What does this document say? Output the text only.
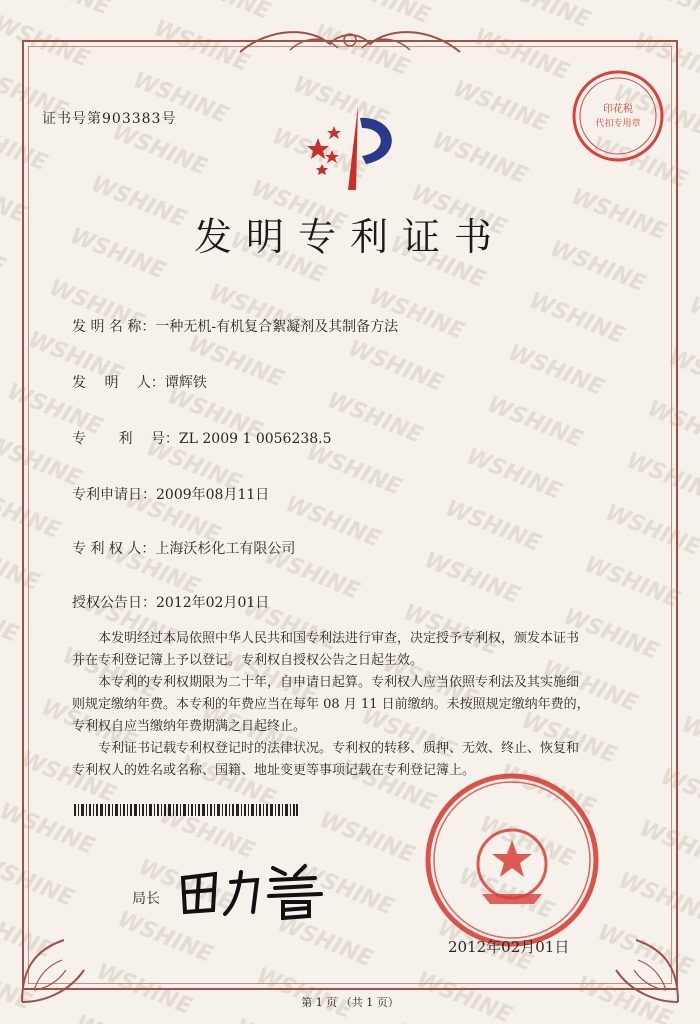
证书号第903383号
印花税
代扣专用章
发明专利证书
发 明 名 称：一种无机-有机复合絮凝剂及其制备方法
发　 明　 人：谭辉铁
专　　 利　 号：ZL 2009 1 0056238.5
专利申请日：2009年08月11日
专 利 权 人：上海沃杉化工有限公司
授权公告日：2012年02月01日

本发明经过本局依照中华人民共和国专利法进行审查，决定授予专利权，颁发本证书

并在专利登记簿上予以登记。专利权自授权公告之日起生效。

本专利的专利权期限为二十年，自申请日起算。专利权人应当依照专利法及其实施细

则规定缴纳年费。本专利的年费应当在每年 08 月 11 日前缴纳。未按照规定缴纳年费的，

专利权自应当缴纳年费期满之日起终止。

专利证书记载专利权登记时的法律状况。专利权的转移、质押、无效、终止、恢复和

专利权人的姓名或名称、国籍、地址变更等事项记载在专利登记簿上。

局长
2012年02月01日
第 1 页 （共 1 页）
